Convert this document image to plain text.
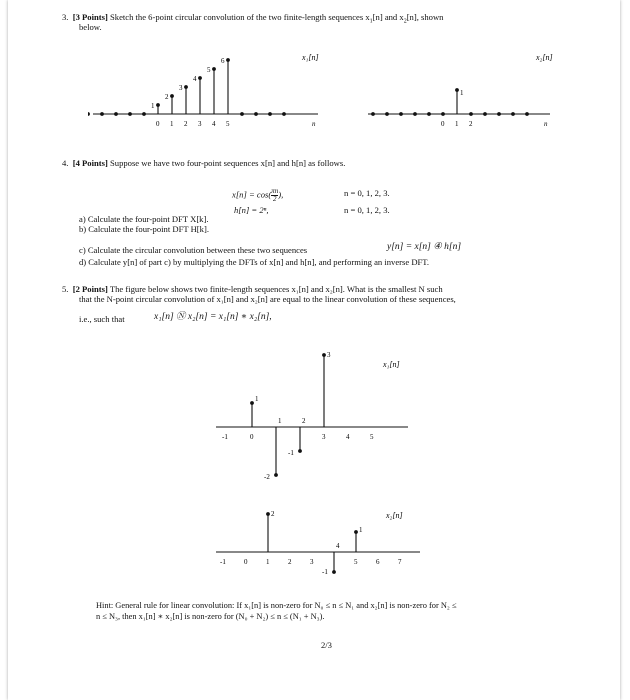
3. [3 Points] Sketch the 6-point circular convolution of the two finite-length sequences $x_1[n]$ and $x_2[n]$, shown
below.
1
0
2
1
3
2
4
3
5
4
6
5
x₁[n]
n	0
1
1 2
x₂[n]
n
4. [4 Points] Suppose we have two four-point sequences x[n] and h[n] as follows.
$x[n] = \cos( \frac{\pi n}{2}$ ),	n = 0, 1, 2, 3.
h[n] = 2ⁿ,	n = 0, 1, 2, 3.
a) Calculate the four-point DFT X[k].
b) Calculate the four-point DFT H[k].
c) Calculate the circular convolution between these two sequences	y[n] = x[n] ④ h[n]
d) Calculate y[n] of part c) by multiplying the DFTs of x[n] and h[n], and performing an inverse DFT.
5. [2 Points] The figure below shows two finite-length sequences x₁[n] and x₂[n]. What is the smallest N such
that the N-point circular convolution of x₁[n] and x₂[n] are equal to the linear convolution of these sequences,
i.e., such that	x₁[n] Ⓝ x₂[n] = x₁[n] ∗ x₂[n],
-1
1
0
-2
1
-1
2
3
3	4	5
x₁[n]
-1	0
2
1	2	3
-1
4
1
5	6	7
x₂[n]
Hint: General rule for linear convolution: If x₁[n] is non-zero for N₀ ≤ n ≤ N₁ and x₂[n] is non-zero for N₂ ≤
n ≤ N₃, then x₁[n] ∗ x₂[n] is non-zero for (N₀ + N₂) ≤ n ≤ (N₁ + N₃).
2/3
